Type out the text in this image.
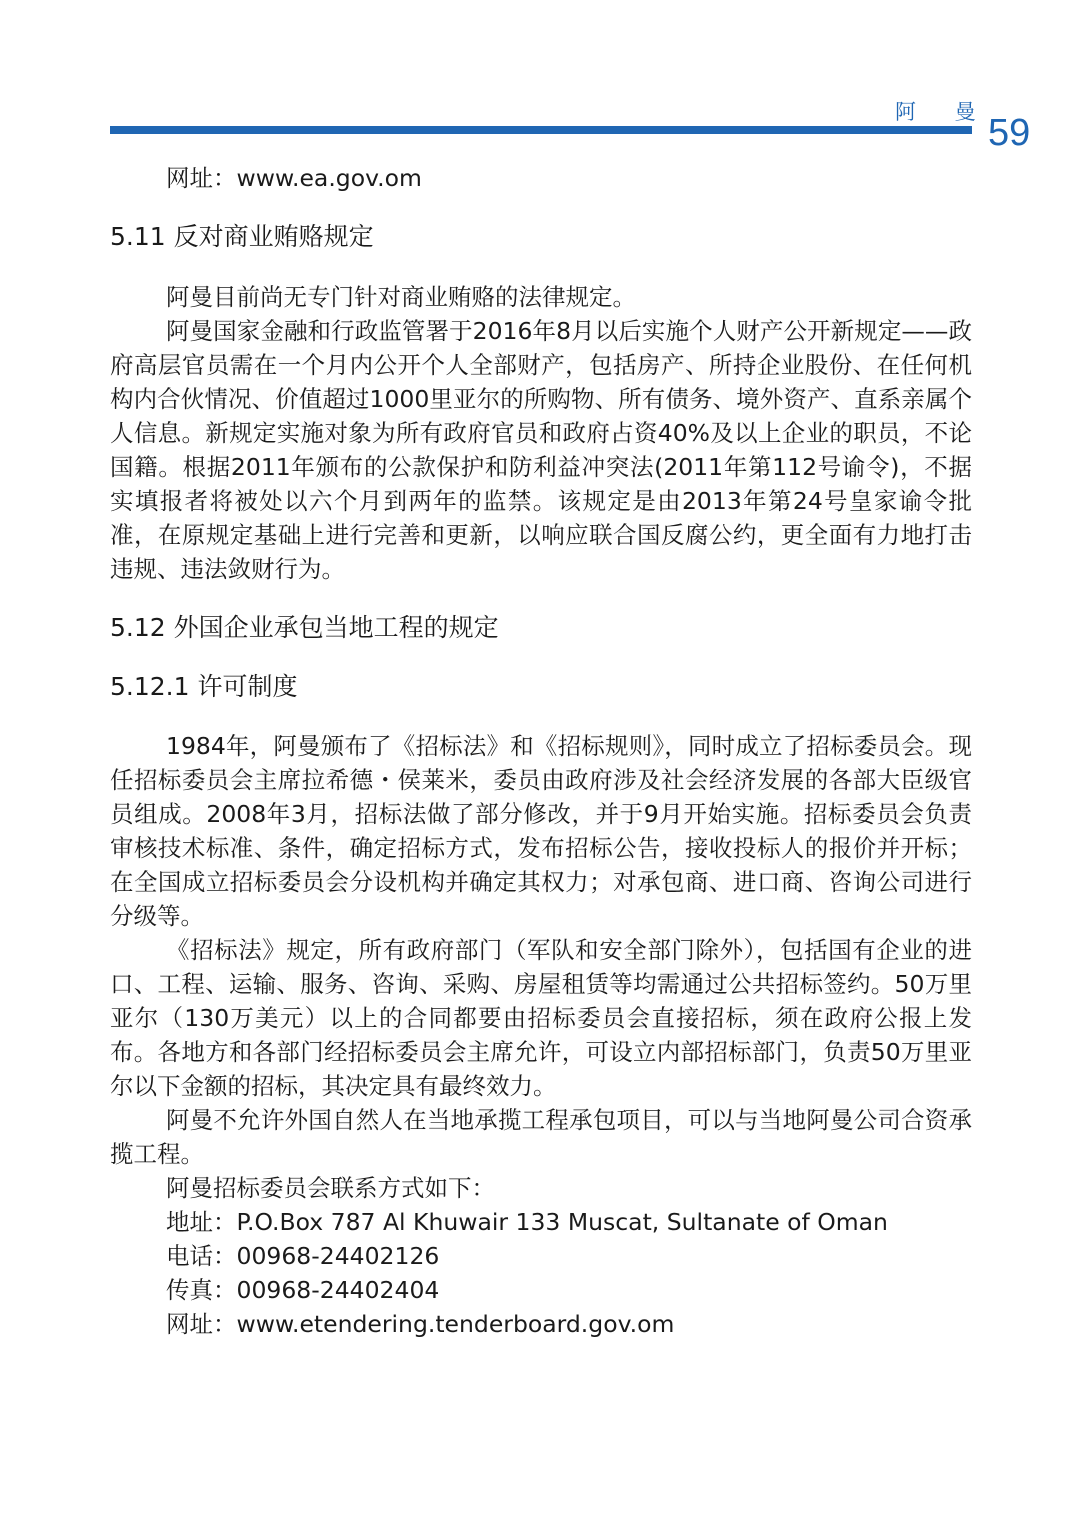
阿 曼
59
网址：www.ea.gov.om
5.11 反对商业贿赂规定

阿曼目前尚无专门针对商业贿赂的法律规定。

阿曼国家金融和行政监管署于2016年8月以后实施个人财产公开新规定——政府高层官员需在一个月内公开个人全部财产，包括房产、所持企业股份、在任何机构内合伙情况、价值超过1000里亚尔的所购物、所有债务、境外资产、直系亲属个人信息。新规定实施对象为所有政府官员和政府占资40%及以上企业的职员，不论国籍。根据2011年颁布的公款保护和防利益冲突法(2011年第112号谕令)，不据实填报者将被处以六个月到两年的监禁。该规定是由2013年第24号皇家谕令批准，在原规定基础上进行完善和更新，以响应联合国反腐公约，更全面有力地打击违规、违法敛财行为。

5.12 外国企业承包当地工程的规定
5.12.1 许可制度

1984年，阿曼颁布了《招标法》和《招标规则》，同时成立了招标委员会。现任招标委员会主席拉希德・侯莱米，委员由政府涉及社会经济发展的各部大臣级官员组成。2008年3月，招标法做了部分修改，并于9月开始实施。招标委员会负责审核技术标准、条件，确定招标方式，发布招标公告，接收投标人的报价并开标；在全国成立招标委员会分设机构并确定其权力；对承包商、进口商、咨询公司进行分级等。

《招标法》规定，所有政府部门（军队和安全部门除外），包括国有企业的进口、工程、运输、服务、咨询、采购、房屋租赁等均需通过公共招标签约。50万里亚尔（130万美元）以上的合同都要由招标委员会直接招标，须在政府公报上发布。各地方和各部门经招标委员会主席允许，可设立内部招标部门，负责50万里亚尔以下金额的招标，其决定具有最终效力。

阿曼不允许外国自然人在当地承揽工程承包项目，可以与当地阿曼公司合资承揽工程。

阿曼招标委员会联系方式如下：
地址：P.O.Box 787 Al Khuwair 133 Muscat, Sultanate of Oman
电话：00968-24402126
传真：00968-24402404
网址：www.etendering.tenderboard.gov.om
